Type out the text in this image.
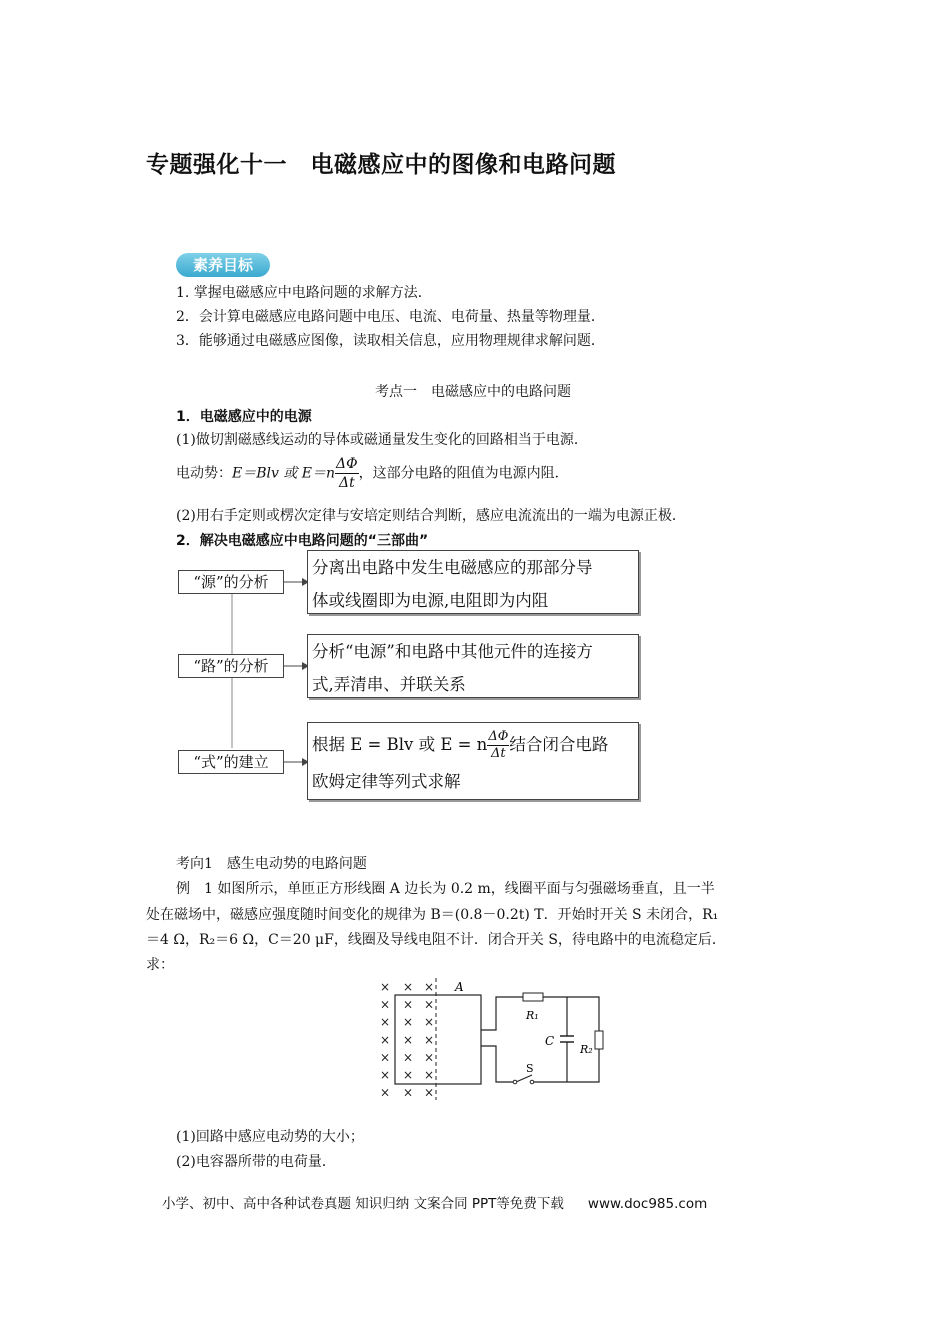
专题强化十一　电磁感应中的图像和电路问题
素养目标
1. 掌握电磁感应中电路问题的求解方法．
2．会计算电磁感应电路问题中电压、电流、电荷量、热量等物理量．
3．能够通过电磁感应图像，读取相关信息，应用物理规律求解问题．
考点一　电磁感应中的电路问题
1．电磁感应中的电源
(1)做切割磁感线运动的导体或磁通量发生变化的回路相当于电源．
电动势：E＝Blv 或 $E=n \frac{\Delta\Phi}{\Delta t}$ ，这部分电路的阻值为电源内阻．
(2)用右手定则或楞次定律与安培定则结合判断，感应电流流出的一端为电源正极．
2．解决电磁感应中电路问题的“三部曲”
“源”的分析
“路”的分析
“式”的建立
分离出电路中发生电磁感应的那部分导
体或线圈即为电源,电阻即为内阻
分析“电源”和电路中其他元件的连接方
式,弄清串、并联关系
根据 E = Blv 或 E = n $\frac{\Delta\Phi}{\Delta t}$ 结合闭合电路
欧姆定律等列式求解
考向1　感生电动势的电路问题
例　1 如图所示，单匝正方形线圈 A 边长为 0.2 m，线圈平面与匀强磁场垂直，且一半
处在磁场中，磁感应强度随时间变化的规律为 B＝(0.8－0.2t) T．开始时开关 S 未闭合，R₁
＝4 Ω，R₂＝6 Ω，C＝20 μF，线圈及导线电阻不计．闭合开关 S，待电路中的电流稳定后．
求：
× × ×
× × ×
× × ×
× × ×
× × ×
× × ×
× × ×
A
R₁
C
R₂
S
(1)回路中感应电动势的大小；
(2)电容器所带的电荷量．
小学、初中、高中各种试卷真题 知识归纳 文案合同 PPT等免费下载 www.doc985.com
